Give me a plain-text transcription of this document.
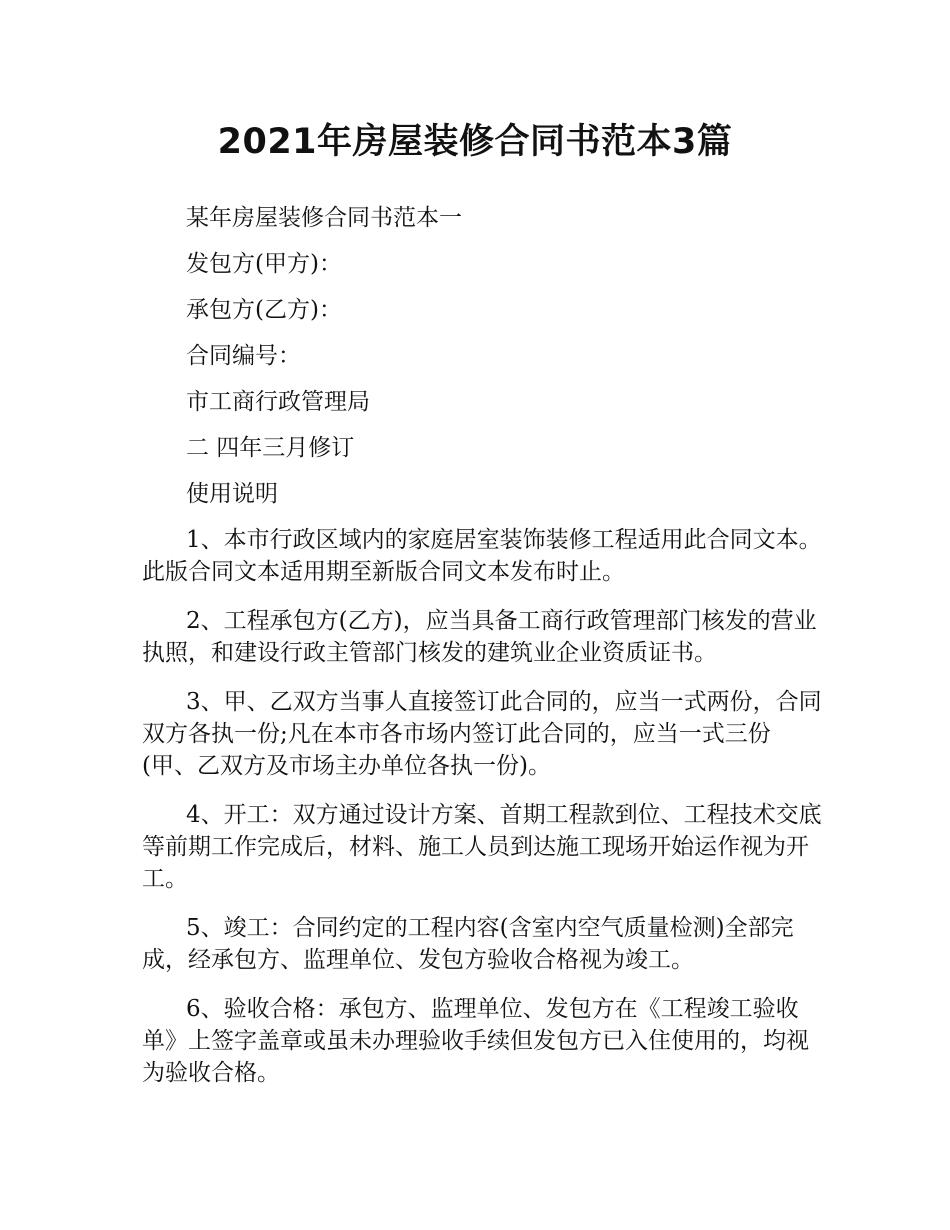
2021年房屋装修合同书范本3篇

某年房屋装修合同书范本一

发包方(甲方)：

承包方(乙方)：

合同编号：

市工商行政管理局

二 四年三月修订

使用说明

1、本市行政区域内的家庭居室装饰装修工程适用此合同文本。此版合同文本适用期至新版合同文本发布时止。

2、工程承包方(乙方)，应当具备工商行政管理部门核发的营业执照，和建设行政主管部门核发的建筑业企业资质证书。

3、甲、乙双方当事人直接签订此合同的，应当一式两份，合同双方各执一份;凡在本市各市场内签订此合同的，应当一式三份(甲、乙双方及市场主办单位各执一份)。

4、开工：双方通过设计方案、首期工程款到位、工程技术交底等前期工作完成后，材料、施工人员到达施工现场开始运作视为开工。

5、竣工：合同约定的工程内容(含室内空气质量检测)全部完成，经承包方、监理单位、发包方验收合格视为竣工。

6、验收合格：承包方、监理单位、发包方在《工程竣工验收单》上签字盖章或虽未办理验收手续但发包方已入住使用的，均视为验收合格。
